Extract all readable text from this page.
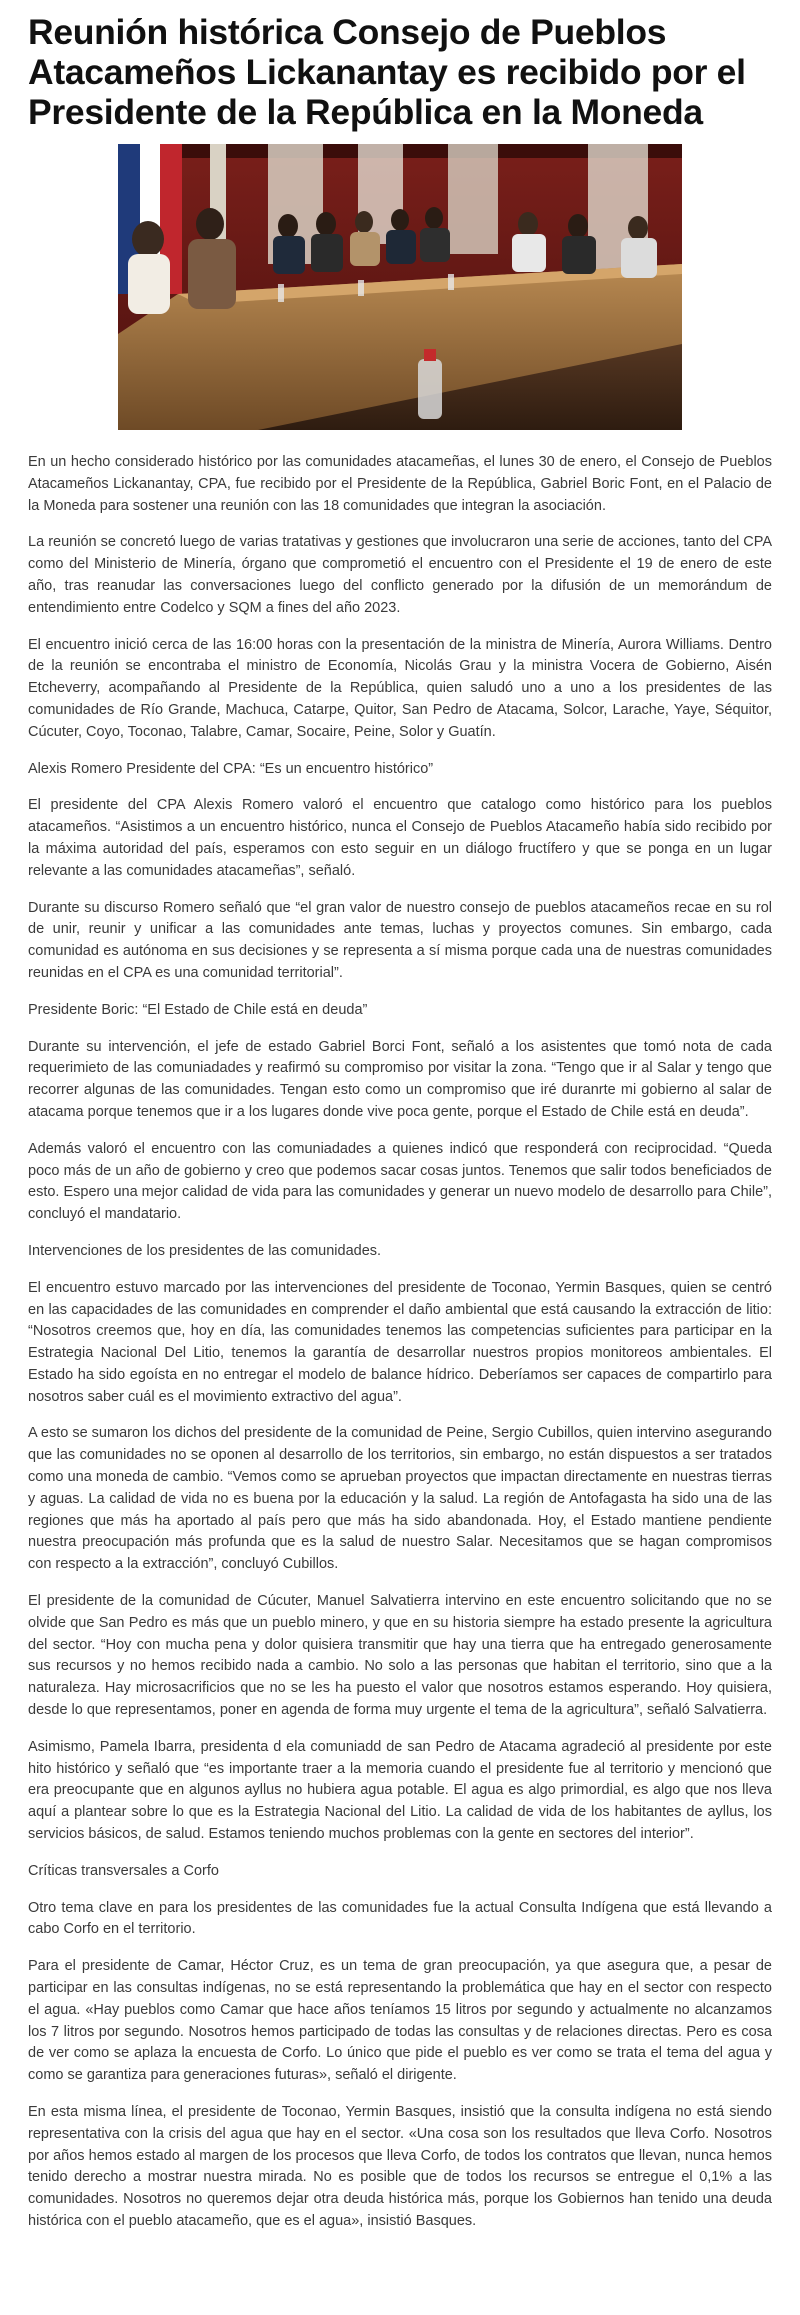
Reunión histórica Consejo de Pueblos Atacameños Lickanantay es recibido por el Presidente de la República en la Moneda

En un hecho considerado histórico por las comunidades atacameñas, el lunes 30 de enero, el Consejo de Pueblos Atacameños Lickanantay, CPA, fue recibido por el Presidente de la República, Gabriel Boric Font, en el Palacio de la Moneda para sostener una reunión con las 18 comunidades que integran la asociación.

La reunión se concretó luego de varias tratativas y gestiones que involucraron una serie de acciones, tanto del CPA como del Ministerio de Minería, órgano que comprometió el encuentro con el Presidente el 19 de enero de este año, tras reanudar las conversaciones luego del conflicto generado por la difusión de un memorándum de entendimiento entre Codelco y SQM a fines del año 2023.

El encuentro inició cerca de las 16:00 horas con la presentación de la ministra de Minería, Aurora Williams. Dentro de la reunión se encontraba el ministro de Economía, Nicolás Grau y la ministra Vocera de Gobierno, Aisén Etcheverry, acompañando al Presidente de la República, quien saludó uno a uno a los presidentes de las comunidades de Río Grande, Machuca, Catarpe, Quitor, San Pedro de Atacama, Solcor, Larache, Yaye, Séquitor, Cúcuter, Coyo, Toconao, Talabre, Camar, Socaire, Peine, Solor y Guatín.

Alexis Romero Presidente del CPA: “Es un encuentro histórico”

El presidente del CPA Alexis Romero valoró el encuentro que catalogo como histórico para los pueblos atacameños. “Asistimos a un encuentro histórico, nunca el Consejo de Pueblos Atacameño había sido recibido por la máxima autoridad del país, esperamos con esto seguir en un diálogo fructífero y que se ponga en un lugar relevante a las comunidades atacameñas”, señaló.

Durante su discurso Romero señaló que “el gran valor de nuestro consejo de pueblos atacameños recae en su rol de unir, reunir y unificar a las comunidades ante temas, luchas y proyectos comunes. Sin embargo, cada comunidad es autónoma en sus decisiones y se representa a sí misma porque cada una de nuestras comunidades reunidas en el CPA es una comunidad territorial”.

Presidente Boric: “El Estado de Chile está en deuda”

Durante su intervención, el jefe de estado Gabriel Borci Font, señaló a los asistentes que tomó nota de cada requerimieto de las comuniadades y reafirmó su compromiso por visitar la zona. “Tengo que ir al Salar y tengo que recorrer algunas de las comunidades. Tengan esto como un compromiso que iré duranrte mi gobierno al salar de atacama porque tenemos que ir a los lugares donde vive poca gente, porque el Estado de Chile está en deuda”.

Además valoró el encuentro con las comuniadades a quienes indicó que responderá con reciprocidad. “Queda poco más de un año de gobierno y creo que podemos sacar cosas juntos. Tenemos que salir todos beneficiados de esto. Espero una mejor calidad de vida para las comunidades y generar un nuevo modelo de desarrollo para Chile”, concluyó el mandatario.

Intervenciones de los presidentes de las comunidades.

El encuentro estuvo marcado por las intervenciones del presidente de Toconao, Yermin Basques, quien se centró en las capacidades de las comunidades en comprender el daño ambiental que está causando la extracción de litio: “Nosotros creemos que, hoy en día, las comunidades tenemos las competencias suficientes para participar en la Estrategia Nacional Del Litio, tenemos la garantía de desarrollar nuestros propios monitoreos ambientales. El Estado ha sido egoísta en no entregar el modelo de balance hídrico. Deberíamos ser capaces de compartirlo para nosotros saber cuál es el movimiento extractivo del agua”.

A esto se sumaron los dichos del presidente de la comunidad de Peine, Sergio Cubillos, quien intervino asegurando que las comunidades no se oponen al desarrollo de los territorios, sin embargo, no están dispuestos a ser tratados como una moneda de cambio. “Vemos como se aprueban proyectos que impactan directamente en nuestras tierras y aguas. La calidad de vida no es buena por la educación y la salud. La región de Antofagasta ha sido una de las regiones que más ha aportado al país pero que más ha sido abandonada. Hoy, el Estado mantiene pendiente nuestra preocupación más profunda que es la salud de nuestro Salar. Necesitamos que se hagan compromisos con respecto a la extracción”, concluyó Cubillos.

El presidente de la comunidad de Cúcuter, Manuel Salvatierra intervino en este encuentro solicitando que no se olvide que San Pedro es más que un pueblo minero, y que en su historia siempre ha estado presente la agricultura del sector. “Hoy con mucha pena y dolor quisiera transmitir que hay una tierra que ha entregado generosamente sus recursos y no hemos recibido nada a cambio. No solo a las personas que habitan el territorio, sino que a la naturaleza. Hay microsacrificios que no se les ha puesto el valor que nosotros estamos esperando. Hoy quisiera, desde lo que representamos, poner en agenda de forma muy urgente el tema de la agricultura”, señaló Salvatierra.

Asimismo, Pamela Ibarra, presidenta d ela comuniadd de san Pedro de Atacama agradeció al presidente por este hito histórico y señaló que “es importante traer a la memoria cuando el presidente fue al territorio y mencionó que era preocupante que en algunos ayllus no hubiera agua potable. El agua es algo primordial, es algo que nos lleva aquí a plantear sobre lo que es la Estrategia Nacional del Litio. La calidad de vida de los habitantes de ayllus, los servicios básicos, de salud. Estamos teniendo muchos problemas con la gente en sectores del interior”.

Críticas transversales a Corfo

Otro tema clave en para los presidentes de las comunidades fue la actual Consulta Indígena que está llevando a cabo Corfo en el territorio.

Para el presidente de Camar, Héctor Cruz, es un tema de gran preocupación, ya que asegura que, a pesar de participar en las consultas indígenas, no se está representando la problemática que hay en el sector con respecto el agua. «Hay pueblos como Camar que hace años teníamos 15 litros por segundo y actualmente no alcanzamos los 7 litros por segundo. Nosotros hemos participado de todas las consultas y de relaciones directas. Pero es cosa de ver como se aplaza la encuesta de Corfo. Lo único que pide el pueblo es ver como se trata el tema del agua y como se garantiza para generaciones futuras», señaló el dirigente.

En esta misma línea, el presidente de Toconao, Yermin Basques, insistió que la consulta indígena no está siendo representativa con la crisis del agua que hay en el sector. «Una cosa son los resultados que lleva Corfo. Nosotros por años hemos estado al margen de los procesos que lleva Corfo, de todos los contratos que llevan, nunca hemos tenido derecho a mostrar nuestra mirada. No es posible que de todos los recursos se entregue el 0,1% a las comunidades. Nosotros no queremos dejar otra deuda histórica más, porque los Gobiernos han tenido una deuda histórica con el pueblo atacameño, que es el agua», insistió Basques.
